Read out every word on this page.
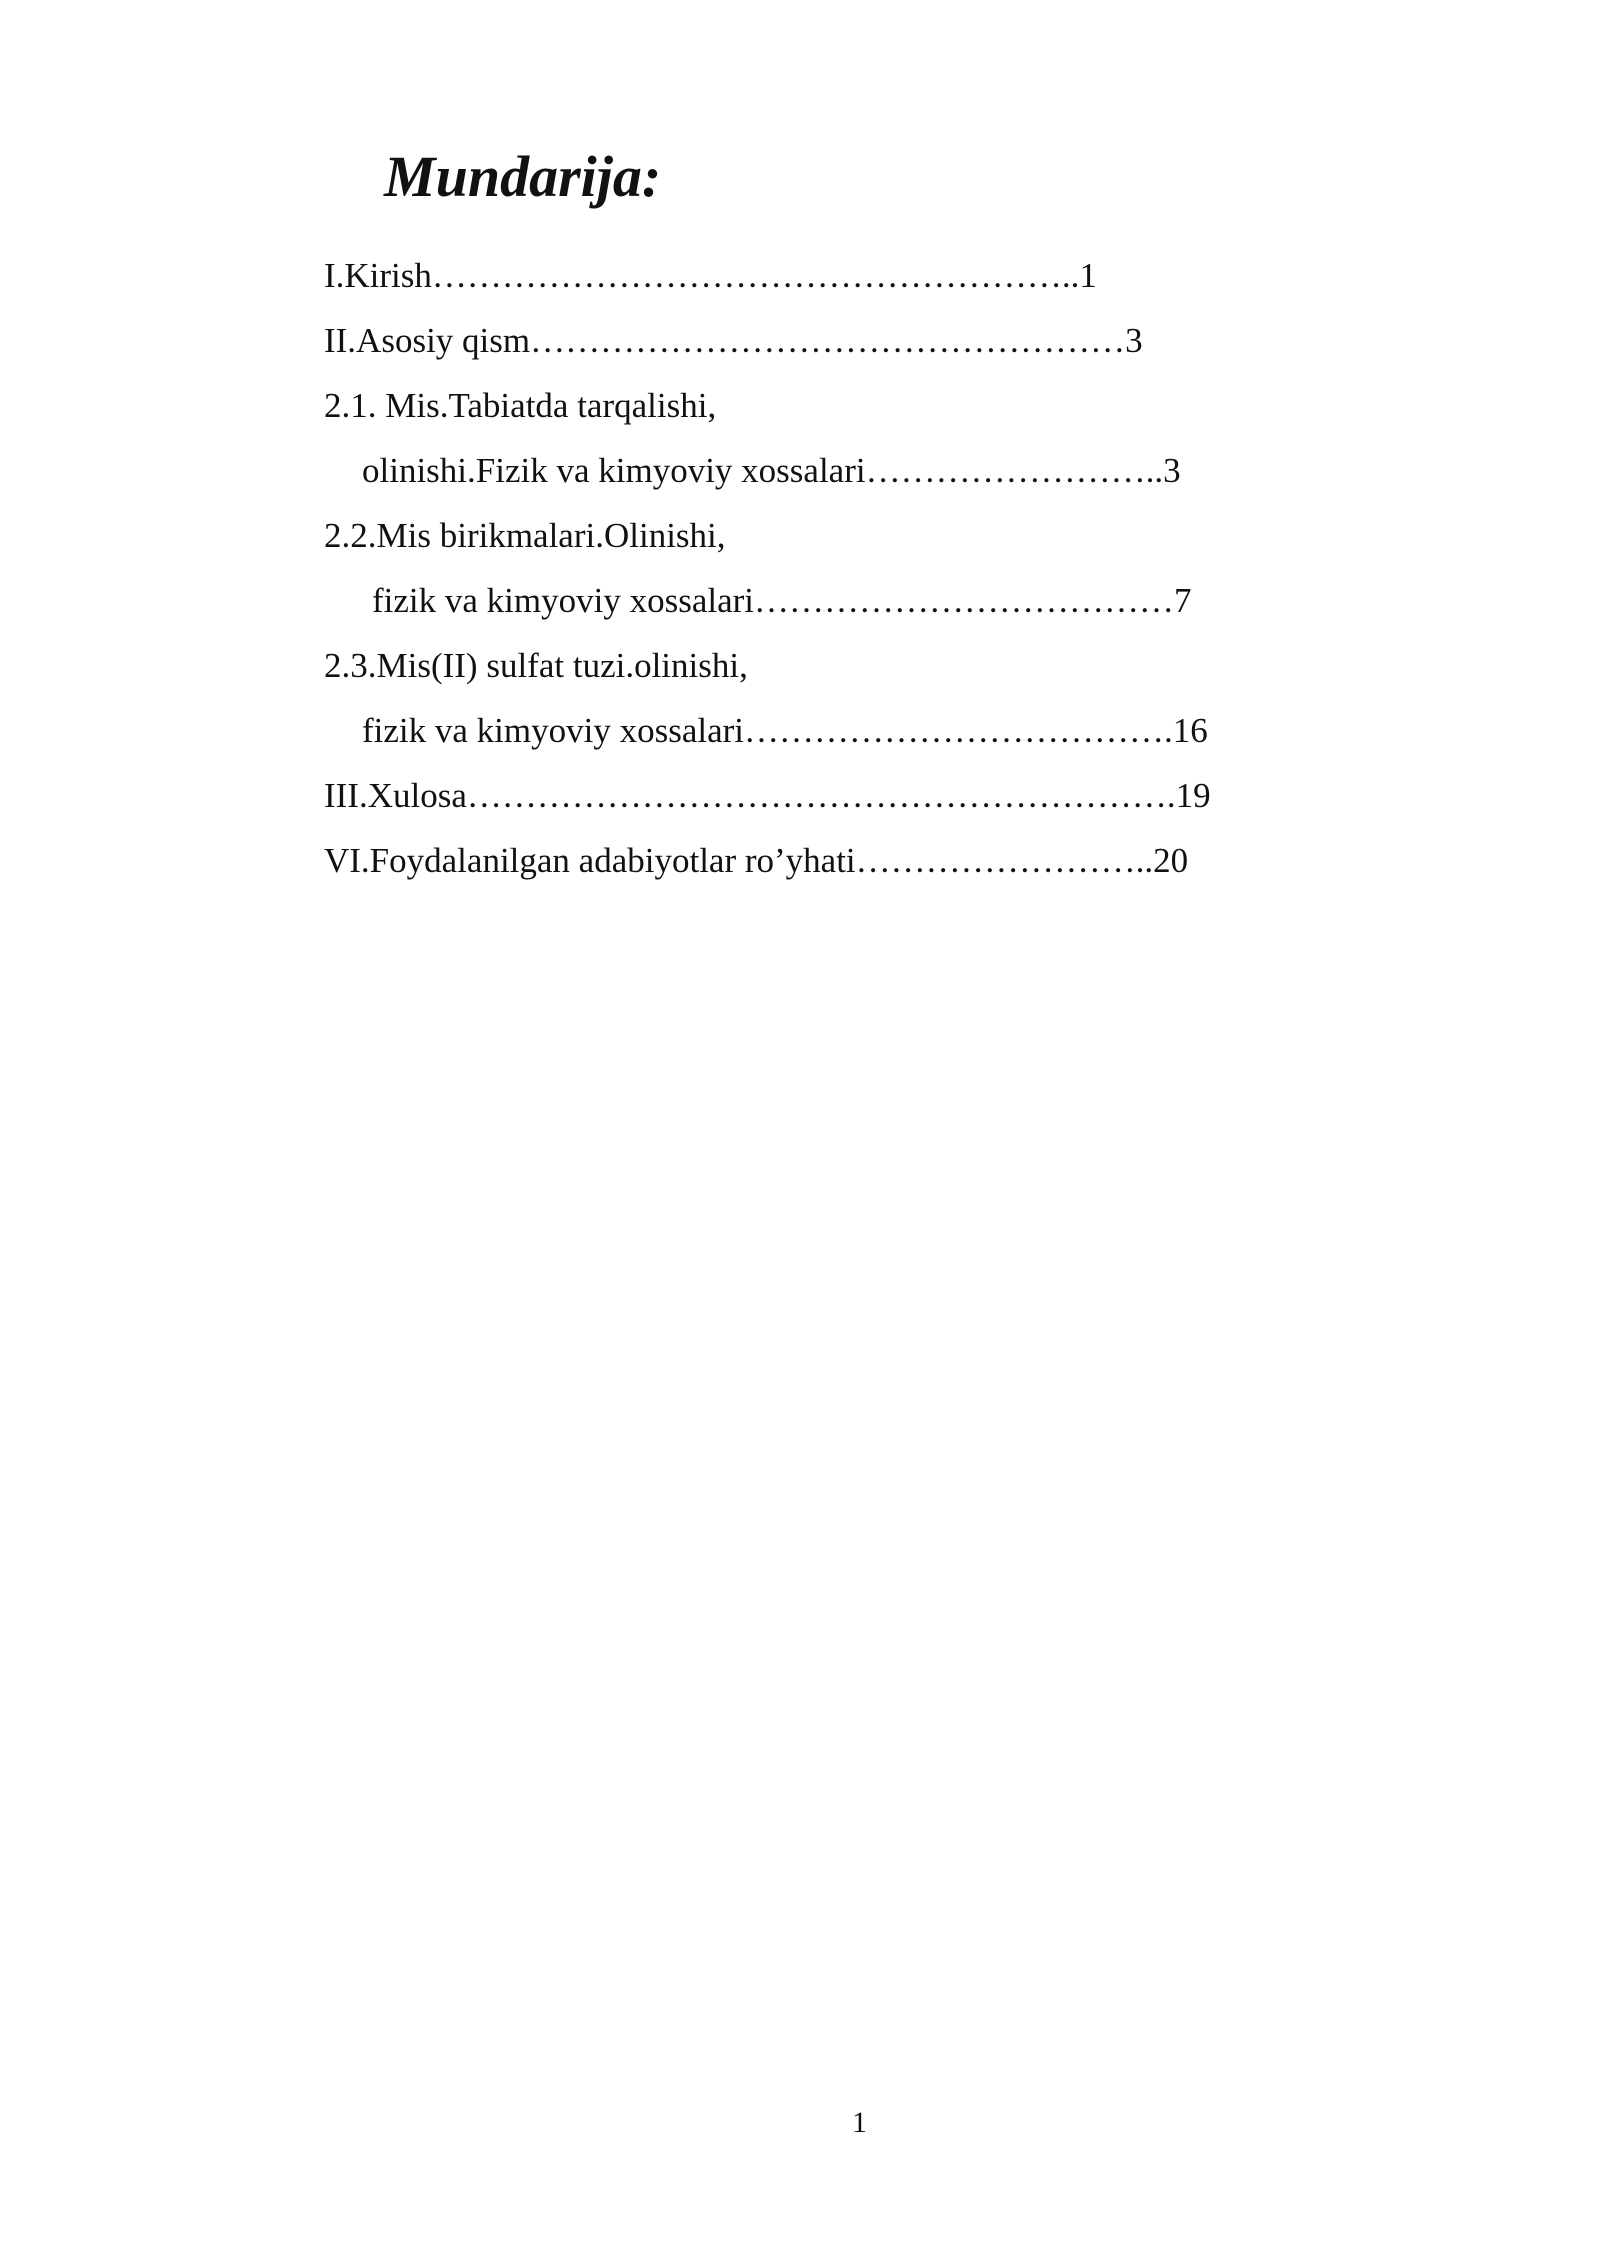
Mundarija:
I.Kirish………………………………………………..1
II.Asosiy qism……………………………………………3
2.1. Mis.Tabiatda tarqalishi,
olinishi.Fizik va kimyoviy xossalari……………………..3
2.2.Mis birikmalari.Olinishi,
fizik va kimyoviy xossalari………………………………7
2.3.Mis(II) sulfat tuzi.olinishi,
fizik va kimyoviy xossalari……………………………….16
III.Xulosa…………………………………………………….19
VI.Foydalanilgan adabiyotlar ro’yhati……………………..20
1
